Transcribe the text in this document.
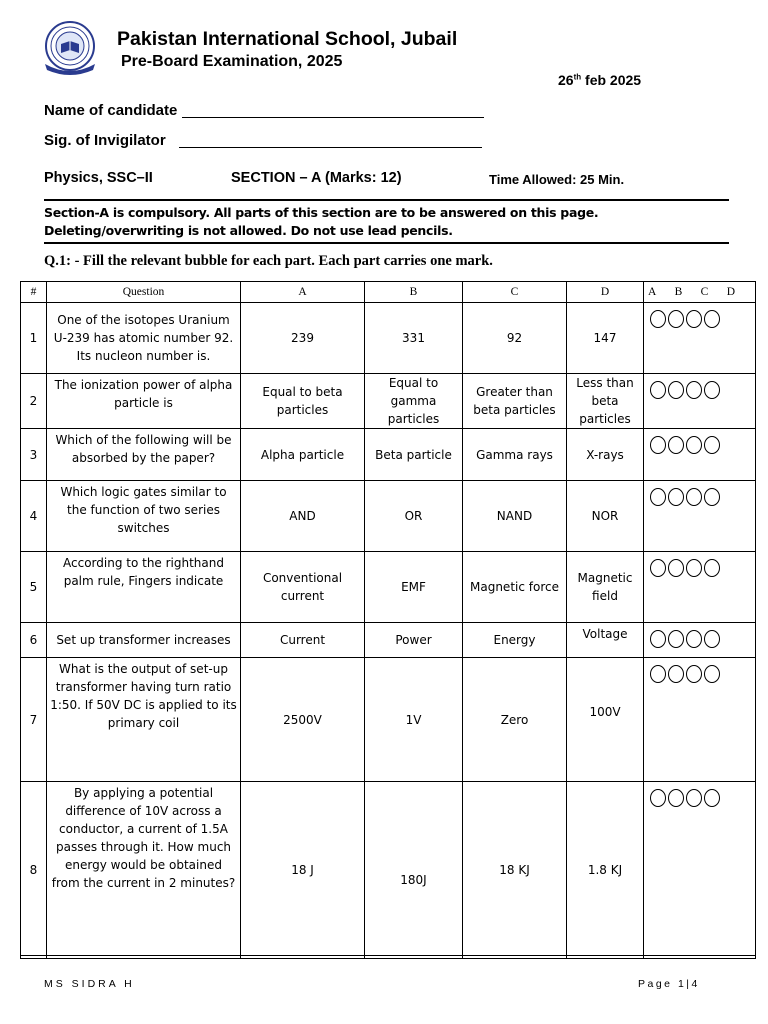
Pakistan International School, Jubail
Pre-Board Examination, 2025
26th feb 2025
Name of candidate
Sig. of Invigilator
Physics, SSC–II	SECTION – A (Marks: 12)	Time Allowed: 25 Min.
Section-A is compulsory. All parts of this section are to be answered on this page. Deleting/overwriting is not allowed. Do not use lead pencils.
Q.1: - Fill the relevant bubble for each part. Each part carries one mark.
#	Question	A	B	C	D	A B C D

1	One of the isotopes Uranium U-239 has atomic number 92. Its nucleon number is.	239	331	92	147	

2	The ionization power of alpha particle is	Equal to beta particles	Equal to gamma particles	Greater than beta particles	Less than beta particles	

3	Which of the following will be absorbed by the paper?	Alpha particle	Beta particle	Gamma rays	X-rays	

4	Which logic gates similar to the function of two series switches	AND	OR	NAND	NOR	

5	According to the righthand palm rule, Fingers indicate	Conventional current	EMF	Magnetic force	Magnetic field	

6	Set up transformer increases	Current	Power	Energy	Voltage	

7	What is the output of set-up transformer having turn ratio 1:50. If 50V DC is applied to its primary coil	2500V	1V	Zero	100V	

8	By applying a potential difference of 10V across a conductor, a current of 1.5A passes through it. How much energy would be obtained from the current in 2 minutes?	18 J	180J	18 KJ	1.8 KJ	
MS SIDRA H	Page 1|4
